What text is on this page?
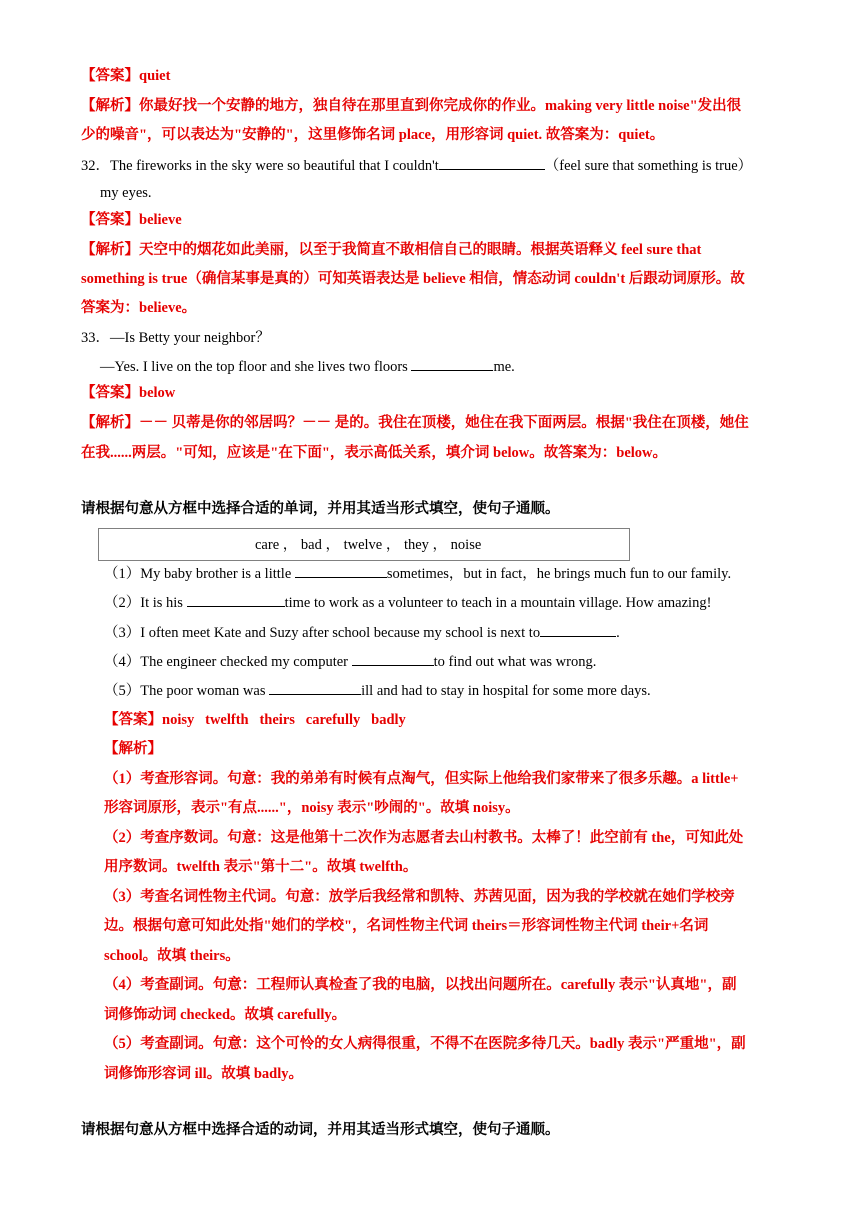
【答案】quiet
【解析】你最好找一个安静的地方，独自待在那里直到你完成你的作业。making very little noise"发出很
少的噪音"，可以表达为"安静的"，这里修饰名词 place，用形容词 quiet. 故答案为：quiet。
32．The fireworks in the sky were so beautiful that I couldn't	（feel sure that something is true）
my eyes.
【答案】believe
【解析】天空中的烟花如此美丽，以至于我简直不敢相信自己的眼睛。根据英语释义 feel sure that
something is true（确信某事是真的）可知英语表达是 believe 相信，情态动词 couldn't 后跟动词原形。故
答案为：believe。
33．—Is Betty your neighbor？
—Yes. I live on the top floor and she lives two floors	me.
【答案】below
【解析】－－ 贝蒂是你的邻居吗？－－ 是的。我住在顶楼，她住在我下面两层。根据"我住在顶楼，她住
在我......两层。"可知，应该是"在下面"，表示高低关系，填介词 below。故答案为：below。
请根据句意从方框中选择合适的单词，并用其适当形式填空，使句子通顺。
care ， bad ， twelve ， they ， noise
（1）My baby brother is a little	sometimes，but in fact，he brings much fun to our family.
（2）It is his	time to work as a volunteer to teach in a mountain village. How amazing!
（3）I often meet Kate and Suzy after school because my school is next to	.
（4）The engineer checked my computer	to find out what was wrong.
（5）The poor woman was	ill and had to stay in hospital for some more days.
【答案】noisy   twelfth   theirs   carefully   badly
【解析】
（1）考查形容词。句意：我的弟弟有时候有点淘气，但实际上他给我们家带来了很多乐趣。a little+
形容词原形，表示"有点......"，noisy 表示"吵闹的"。故填 noisy。
（2）考查序数词。句意：这是他第十二次作为志愿者去山村教书。太棒了！此空前有 the，可知此处
用序数词。twelfth 表示"第十二"。故填 twelfth。
（3）考查名词性物主代词。句意：放学后我经常和凯特、苏茜见面，因为我的学校就在她们学校旁
边。根据句意可知此处指"她们的学校"，名词性物主代词 theirs＝形容词性物主代词 their+名词
school。故填 theirs。
（4）考查副词。句意：工程师认真检查了我的电脑，以找出问题所在。carefully 表示"认真地"，副
词修饰动词 checked。故填 carefully。
（5）考查副词。句意：这个可怜的女人病得很重，不得不在医院多待几天。badly 表示"严重地"，副
词修饰形容词 ill。故填 badly。
请根据句意从方框中选择合适的动词，并用其适当形式填空，使句子通顺。
